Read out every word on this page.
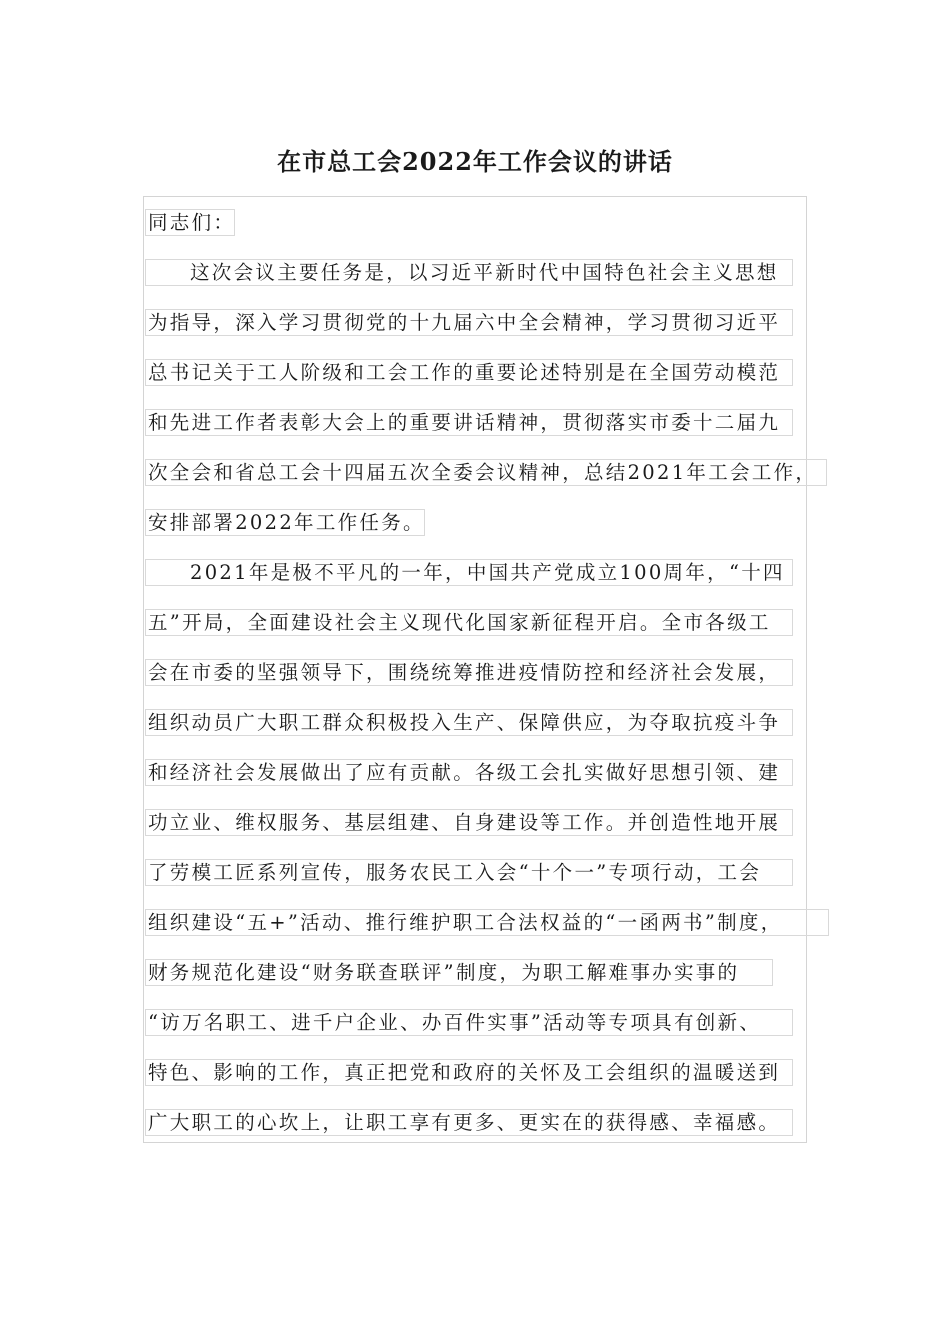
在市总工会2022年工作会议的讲话
同志们：
这次会议主要任务是，以习近平新时代中国特色社会主义思想
为指导，深入学习贯彻党的十九届六中全会精神，学习贯彻习近平
总书记关于工人阶级和工会工作的重要论述特别是在全国劳动模范
和先进工作者表彰大会上的重要讲话精神，贯彻落实市委十二届九
次全会和省总工会十四届五次全委会议精神，总结2021年工会工作，
安排部署2022年工作任务。
2021年是极不平凡的一年，中国共产党成立100周年，“十四
五”开局，全面建设社会主义现代化国家新征程开启。全市各级工
会在市委的坚强领导下，围绕统筹推进疫情防控和经济社会发展，
组织动员广大职工群众积极投入生产、保障供应，为夺取抗疫斗争
和经济社会发展做出了应有贡献。各级工会扎实做好思想引领、建
功立业、维权服务、基层组建、自身建设等工作。并创造性地开展
了劳模工匠系列宣传，服务农民工入会“十个一”专项行动，工会
组织建设“五+”活动、推行维护职工合法权益的“一函两书”制度，
财务规范化建设“财务联查联评”制度，为职工解难事办实事的
“访万名职工、进千户企业、办百件实事”活动等专项具有创新、
特色、影响的工作，真正把党和政府的关怀及工会组织的温暖送到
广大职工的心坎上，让职工享有更多、更实在的获得感、幸福感。
